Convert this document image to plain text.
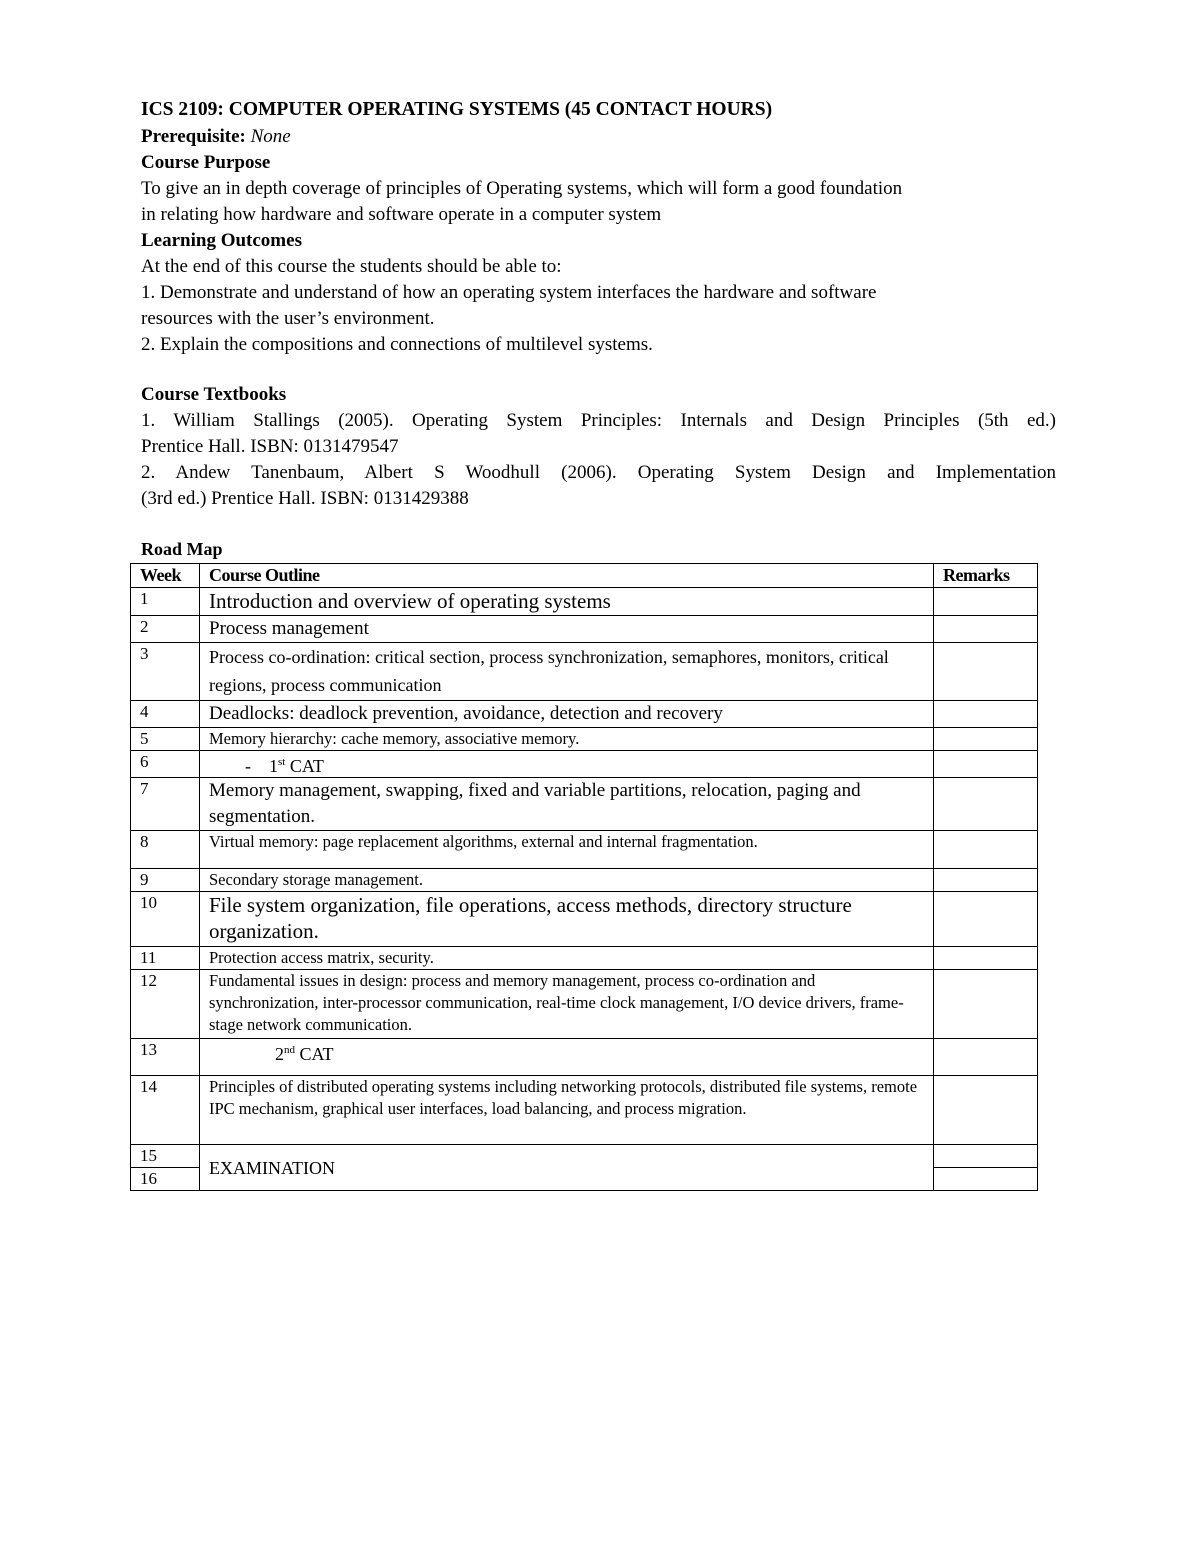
ICS 2109: COMPUTER OPERATING SYSTEMS (45 CONTACT HOURS)

Prerequisite: None

Course Purpose

To give an in depth coverage of principles of Operating systems, which will form a good foundation

in relating how hardware and software operate in a computer system

Learning Outcomes

At the end of this course the students should be able to:

1. Demonstrate and understand of how an operating system interfaces the hardware and software

resources with the user’s environment.

2. Explain the compositions and connections of multilevel systems.

Course Textbooks

1. William Stallings (2005). Operating System Principles: Internals and Design Principles (5th ed.)

Prentice Hall. ISBN: 0131479547

2. Andew Tanenbaum, Albert S Woodhull (2006). Operating System Design and Implementation

(3rd ed.) Prentice Hall. ISBN: 0131429388

Road Map

Week	Course Outline	Remarks
1	Introduction and overview of operating systems	
2	Process management	
3	Process co-ordination: critical section, process synchronization, semaphores, monitors, critical regions, process communication	
4	Deadlocks: deadlock prevention, avoidance, detection and recovery	
5	Memory hierarchy: cache memory, associative memory.	
6	-    1st CAT	
7	Memory management, swapping, fixed and variable partitions, relocation, paging and segmentation.	
8	Virtual memory: page replacement algorithms, external and internal fragmentation.	
9	Secondary storage management.	
10	File system organization, file operations, access methods, directory structure organization.	
11	Protection access matrix, security.	
12	Fundamental issues in design: process and memory management, process co-ordination and synchronization, inter-processor communication, real-time clock management, I/O device drivers, frame-stage network communication.	
13	2nd CAT	
14	Principles of distributed operating systems including networking protocols, distributed file systems, remote IPC mechanism, graphical user interfaces, load balancing, and process migration.	
15	EXAMINATION	
16		
